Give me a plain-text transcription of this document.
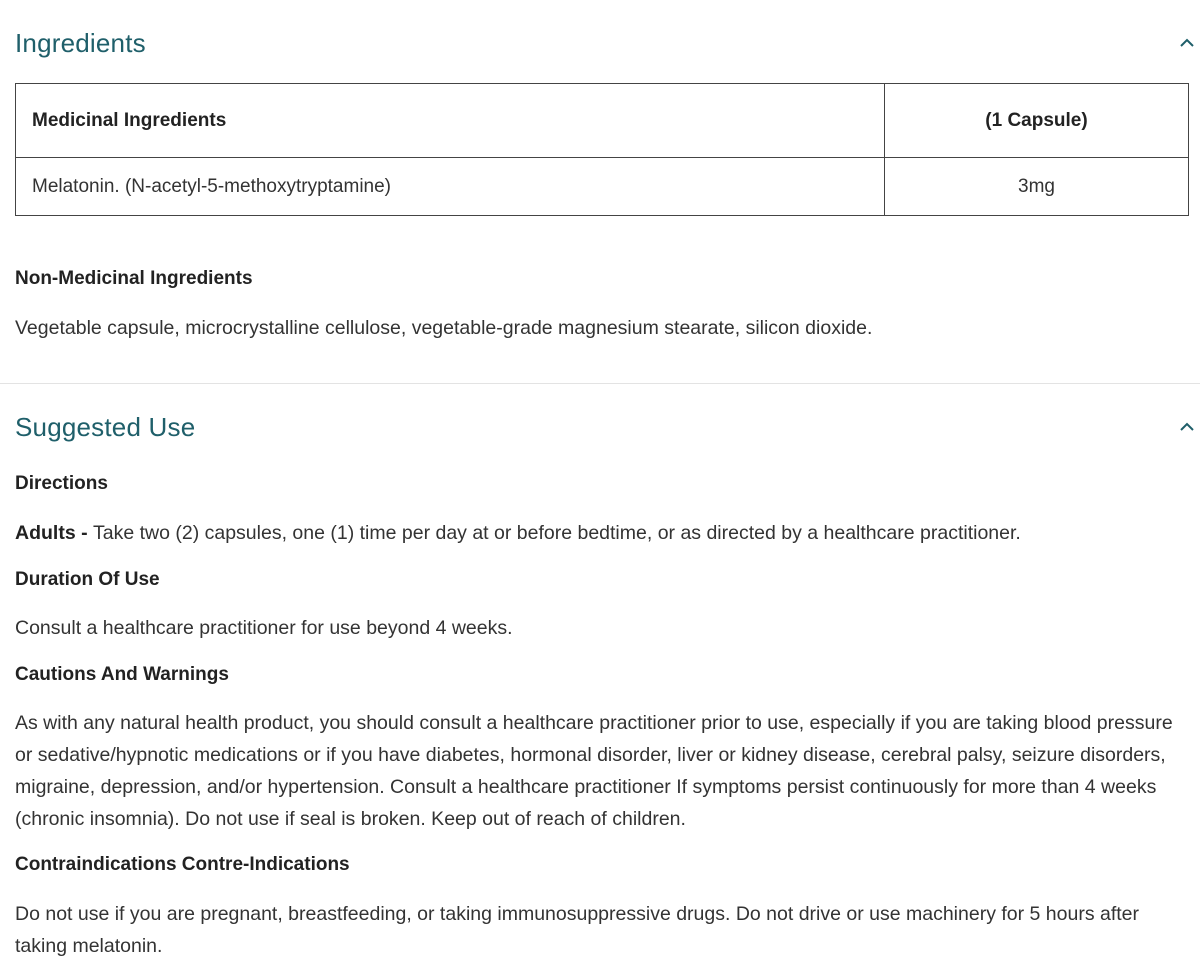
Ingredients
Medicinal Ingredients	(1 Capsule)
Melatonin. (N-acetyl-5-methoxytryptamine)	3mg

Non-Medicinal Ingredients

Vegetable capsule, microcrystalline cellulose, vegetable-grade magnesium stearate, silicon dioxide.

Suggested Use

Directions

Adults - Take two (2) capsules, one (1) time per day at or before bedtime, or as directed by a healthcare practitioner.

Duration Of Use

Consult a healthcare practitioner for use beyond 4 weeks.

Cautions And Warnings

As with any natural health product, you should consult a healthcare practitioner prior to use, especially if you are taking blood pressure or sedative/hypnotic medications or if you have diabetes, hormonal disorder, liver or kidney disease, cerebral palsy, seizure disorders, migraine, depression, and/or hypertension. Consult a healthcare practitioner If symptoms persist continuously for more than 4 weeks (chronic insomnia). Do not use if seal is broken. Keep out of reach of children.

Contraindications Contre-Indications

Do not use if you are pregnant, breastfeeding, or taking immunosuppressive drugs. Do not drive or use machinery for 5 hours after taking melatonin.
